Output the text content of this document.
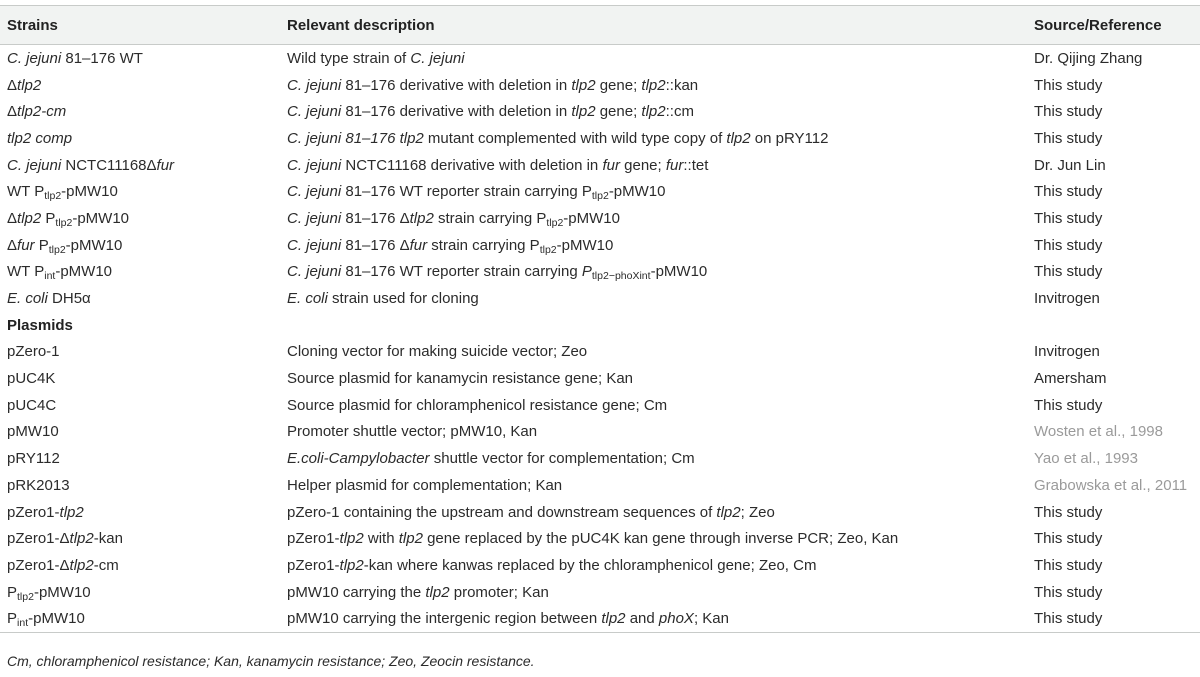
Strains	Relevant description	Source/Reference
C. jejuni 81–176 WT	Wild type strain of C. jejuni	Dr. Qijing Zhang
Δtlp2	C. jejuni 81–176 derivative with deletion in tlp2 gene; tlp2::kan	This study
Δtlp2-cm	C. jejuni 81–176 derivative with deletion in tlp2 gene; tlp2::cm	This study
tlp2 comp	C. jejuni 81–176 tlp2 mutant complemented with wild type copy of tlp2 on pRY112	This study
C. jejuni NCTC11168Δfur	C. jejuni NCTC11168 derivative with deletion in fur gene; fur::tet	Dr. Jun Lin
WT $P_{tlp2}-pMW10$	C. jejuni 81–176 WT reporter strain carrying $P_{tlp2}-pMW10$	This study
Δtlp2 $P_{tlp2}-pMW10$	C. jejuni 81–176 Δtlp2 strain carrying $P_{tlp2}-pMW10$	This study
Δfur $P_{tlp2}-pMW10$	C. jejuni 81–176 Δfur strain carrying $P_{tlp2}-pMW10$	This study
WT $P_{int}-pMW10$	C. jejuni 81–176 WT reporter strain carrying $P_{tlp2-phoXint}-pMW10$	This study
E. coli DH5α	E. coli strain used for cloning	Invitrogen
Plasmids		
pZero-1	Cloning vector for making suicide vector; Zeo	Invitrogen
pUC4K	Source plasmid for kanamycin resistance gene; Kan	Amersham
pUC4C	Source plasmid for chloramphenicol resistance gene; Cm	This study
pMW10	Promoter shuttle vector; pMW10, Kan	Wosten et al., 1998
pRY112	E.coli-Campylobacter shuttle vector for complementation; Cm	Yao et al., 1993
pRK2013	Helper plasmid for complementation; Kan	Grabowska et al., 2011
pZero1-tlp2	pZero-1 containing the upstream and downstream sequences of tlp2; Zeo	This study
pZero1-Δtlp2-kan	pZero1-tlp2 with tlp2 gene replaced by the pUC4K kan gene through inverse PCR; Zeo, Kan	This study
pZero1-Δtlp2-cm	pZero1-tlp2-kan where kanwas replaced by the chloramphenicol gene; Zeo, Cm	This study
$P_{tlp2}-pMW10$	pMW10 carrying the tlp2 promoter; Kan	This study
$P_{int}-pMW10$	pMW10 carrying the intergenic region between tlp2 and phoX; Kan	This study
Cm, chloramphenicol resistance; Kan, kanamycin resistance; Zeo, Zeocin resistance.
